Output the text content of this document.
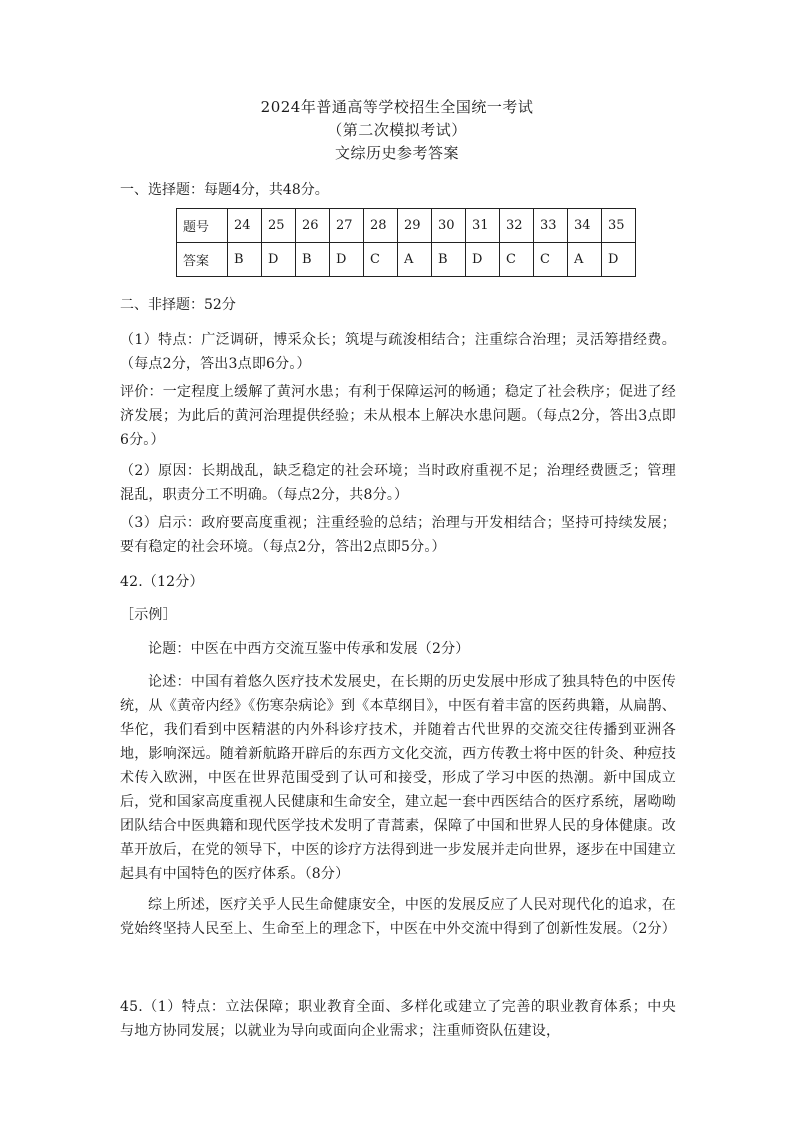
2024年普通高等学校招生全国统一考试
（第二次模拟考试）
文综历史参考答案
一、选择题：每题4分，共48分。
题号	24	25	26	27	28	29	30	31	32	33	34	35
答案	B	D	B	D	C	A	B	D	C	C	A	D
二、非择题：52分
（1）特点：广泛调研，博采众长；筑堤与疏浚相结合；注重综合治理；灵活筹措经费。（每点2分，答出3点即6分。）
评价：一定程度上缓解了黄河水患；有利于保障运河的畅通；稳定了社会秩序；促进了经济发展；为此后的黄河治理提供经验；未从根本上解决水患问题。（每点2分，答出3点即6分。）
（2）原因：长期战乱，缺乏稳定的社会环境；当时政府重视不足；治理经费匮乏；管理混乱，职责分工不明确。（每点2分，共8分。）
（3）启示：政府要高度重视；注重经验的总结；治理与开发相结合；坚持可持续发展；要有稳定的社会环境。（每点2分，答出2点即5分。）
42.（12分）
［示例］
论题：中医在中西方交流互鉴中传承和发展（2分）
论述：中国有着悠久医疗技术发展史，在长期的历史发展中形成了独具特色的中医传统，从《黄帝内经》《伤寒杂病论》到《本草纲目》，中医有着丰富的医药典籍，从扁鹊、华佗，我们看到中医精湛的内外科诊疗技术，并随着古代世界的交流交往传播到亚洲各地，影响深远。随着新航路开辟后的东西方文化交流，西方传教士将中医的针灸、种痘技术传入欧洲，中医在世界范围受到了认可和接受，形成了学习中医的热潮。新中国成立后，党和国家高度重视人民健康和生命安全，建立起一套中西医结合的医疗系统，屠呦呦团队结合中医典籍和现代医学技术发明了青蒿素，保障了中国和世界人民的身体健康。改革开放后，在党的领导下，中医的诊疗方法得到进一步发展并走向世界，逐步在中国建立起具有中国特色的医疗体系。（8分）
综上所述，医疗关乎人民生命健康安全，中医的发展反应了人民对现代化的追求，在党始终坚持人民至上、生命至上的理念下，中医在中外交流中得到了创新性发展。（2分）
45.（1）特点：立法保障；职业教育全面、多样化或建立了完善的职业教育体系；中央与地方协同发展；以就业为导向或面向企业需求；注重师资队伍建设，
